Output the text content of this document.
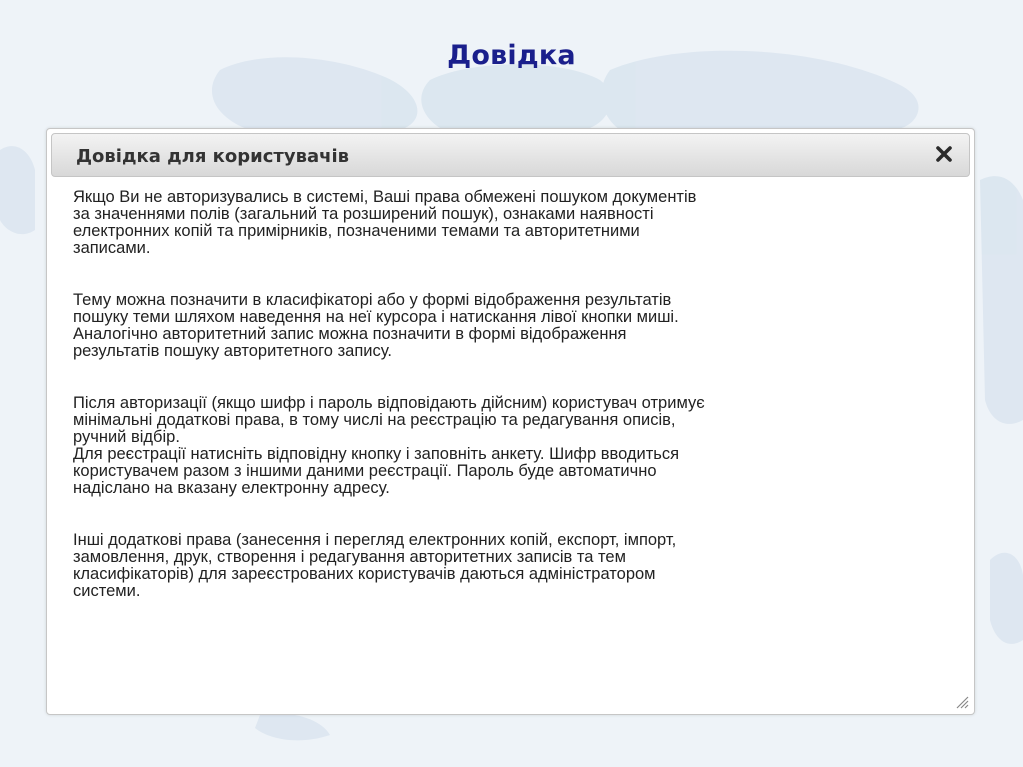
Довідка
Довідка для користувачів

Якщо Ви не авторизувались в системі, Ваші права обмежені пошуком документів
за значеннями полів (загальний та розширений пошук), ознаками наявності
електронних копій та примірників, позначеними темами та авторитетними
записами.

Тему можна позначити в класифікаторі або у формі відображення результатів
пошуку теми шляхом наведення на неї курсора і натискання лівої кнопки миші.
Аналогічно авторитетний запис можна позначити в формі відображення
результатів пошуку авторитетного запису.

Після авторизації (якщо шифр і пароль відповідають дійсним) користувач отримує
мінімальні додаткові права, в тому числі на реєстрацію та редагування описів,
ручний відбір.

Для реєстрації натисніть відповідну кнопку і заповніть анкету. Шифр вводиться
користувачем разом з іншими даними реєстрації. Пароль буде автоматично
надіслано на вказану електронну адресу.

Інші додаткові права (занесення і перегляд електронних копій, експорт, імпорт,
замовлення, друк, створення і редагування авторитетних записів та тем
класифікаторів) для зареєстрованих користувачів даються адміністратором
системи.
